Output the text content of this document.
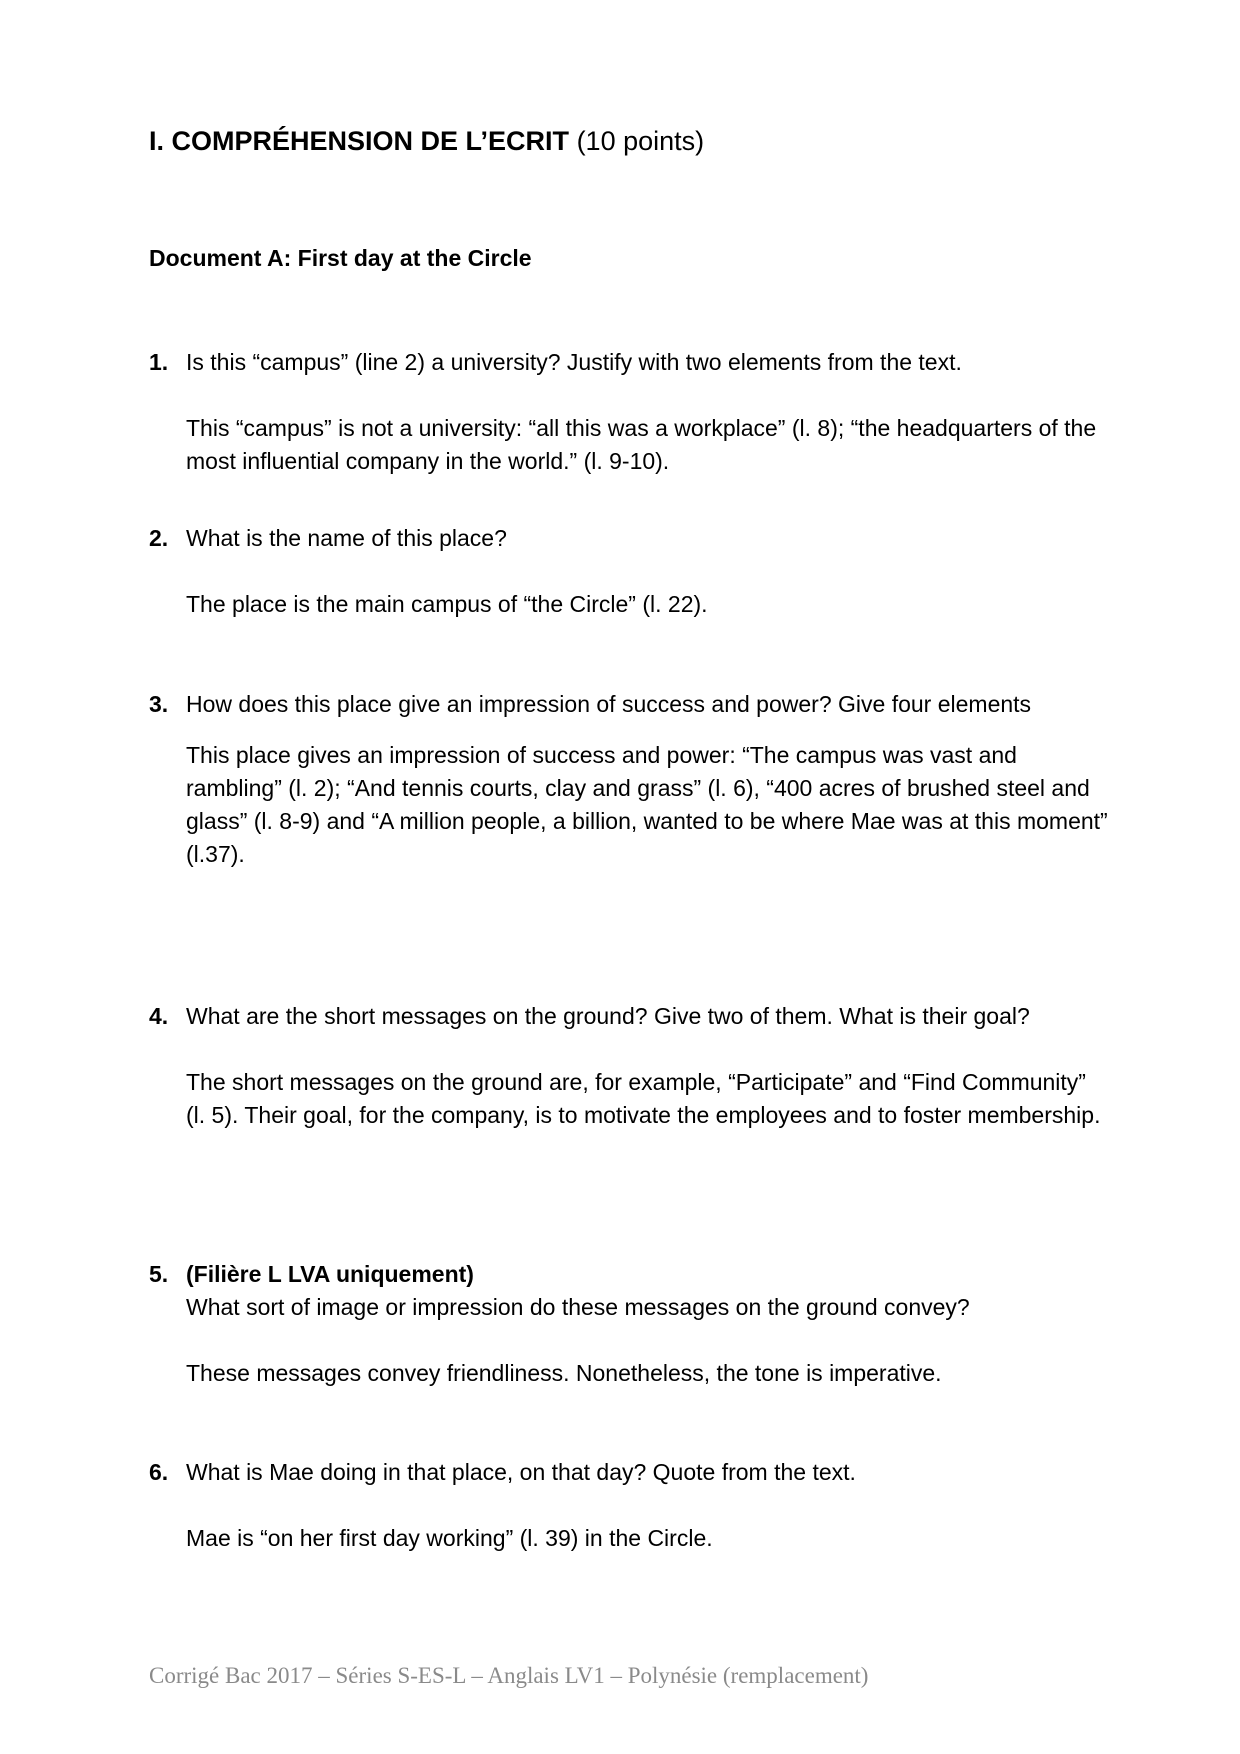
I. COMPRÉHENSION DE L’ECRIT (10 points)
Document A: First day at the Circle
1. Is this “campus” (line 2) a university? Justify with two elements from the text.
This “campus” is not a university: “all this was a workplace” (l. 8); “the headquarters of the most influential company in the world.” (l. 9-10).
2. What is the name of this place?
The place is the main campus of “the Circle” (l. 22).
3. How does this place give an impression of success and power? Give four elements
This place gives an impression of success and power: “The campus was vast and rambling” (l. 2); “And tennis courts, clay and grass” (l. 6), “400 acres of brushed steel and glass” (l. 8-9) and “A million people, a billion, wanted to be where Mae was at this moment” (l.37).
4. What are the short messages on the ground? Give two of them. What is their goal?
The short messages on the ground are, for example, “Participate” and “Find Community” (l. 5). Their goal, for the company, is to motivate the employees and to foster membership.
5. (Filière L LVA uniquement)
What sort of image or impression do these messages on the ground convey?
These messages convey friendliness. Nonetheless, the tone is imperative.
6. What is Mae doing in that place, on that day? Quote from the text.
Mae is “on her first day working” (l. 39) in the Circle.
Corrigé Bac 2017 – Séries S-ES-L – Anglais LV1 – Polynésie (remplacement)
